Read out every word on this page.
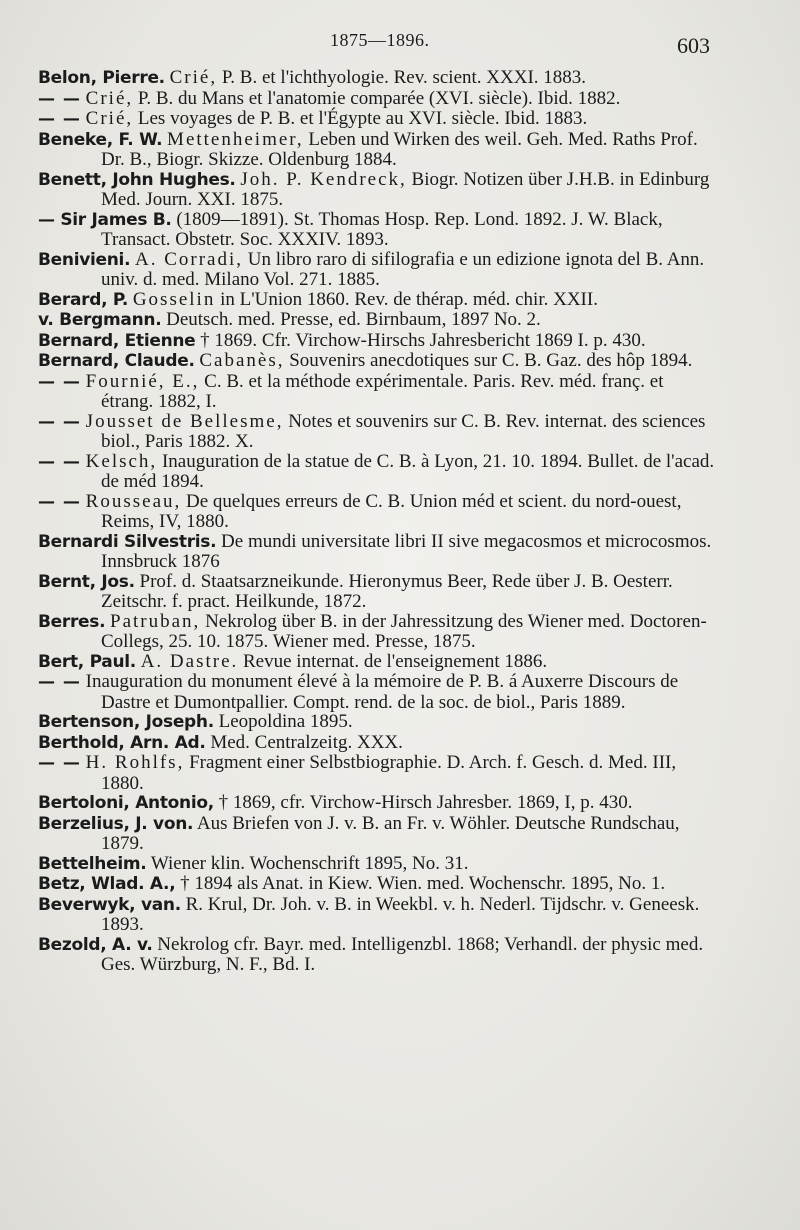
1875—1896.	603

Belon, Pierre. Crié, P. B. et l'ichthyologie. Rev. scient. XXXI. 1883.

— — Crié, P. B. du Mans et l'anatomie comparée (XVI. siècle). Ibid. 1882.

— — Crié, Les voyages de P. B. et l'Égypte au XVI. siècle. Ibid. 1883.

Beneke, F. W. Mettenheimer, Leben und Wirken des weil. Geh. Med. Raths Prof. Dr. B., Biogr. Skizze. Oldenburg 1884.

Benett, John Hughes. Joh. P. Kendreck, Biogr. Notizen über J.H.B. in Edinburg Med. Journ. XXI. 1875.

— Sir James B. (1809—1891). St. Thomas Hosp. Rep. Lond. 1892. J. W. Black, Transact. Obstetr. Soc. XXXIV. 1893.

Benivieni. A. Corradi, Un libro raro di sifilografia e un edizione ignota del B. Ann. univ. d. med. Milano Vol. 271. 1885.

Berard, P. Gosselin in L'Union 1860. Rev. de thérap. méd. chir. XXII.

v. Bergmann. Deutsch. med. Presse, ed. Birnbaum, 1897 No. 2.

Bernard, Etienne † 1869. Cfr. Virchow-Hirschs Jahresbericht 1869 I. p. 430.

Bernard, Claude. Cabanès, Souvenirs anecdotiques sur C. B. Gaz. des hôp 1894.

— — Fournié, E., C. B. et la méthode expérimentale. Paris. Rev. méd. franç. et étrang. 1882, I.

— — Jousset de Bellesme, Notes et souvenirs sur C. B. Rev. internat. des sciences biol., Paris 1882. X.

— — Kelsch, Inauguration de la statue de C. B. à Lyon, 21. 10. 1894. Bullet. de l'acad. de méd 1894.

— — Rousseau, De quelques erreurs de C. B. Union méd et scient. du nord-ouest, Reims, IV, 1880.

Bernardi Silvestris. De mundi universitate libri II sive megacosmos et microcosmos. Innsbruck 1876

Bernt, Jos. Prof. d. Staatsarzneikunde. Hieronymus Beer, Rede über J. B. Oesterr. Zeitschr. f. pract. Heilkunde, 1872.

Berres. Patruban, Nekrolog über B. in der Jahressitzung des Wiener med. Doctoren-Collegs, 25. 10. 1875. Wiener med. Presse, 1875.

Bert, Paul. A. Dastre. Revue internat. de l'enseignement 1886.

— — Inauguration du monument élevé à la mémoire de P. B. á Auxerre Discours de Dastre et Dumontpallier. Compt. rend. de la soc. de biol., Paris 1889.

Bertenson, Joseph. Leopoldina 1895.

Berthold, Arn. Ad. Med. Centralzeitg. XXX.

— — H. Rohlfs, Fragment einer Selbstbiographie. D. Arch. f. Gesch. d. Med. III, 1880.

Bertoloni, Antonio, † 1869, cfr. Virchow-Hirsch Jahresber. 1869, I, p. 430.

Berzelius, J. von. Aus Briefen von J. v. B. an Fr. v. Wöhler. Deutsche Rundschau, 1879.

Bettelheim. Wiener klin. Wochenschrift 1895, No. 31.

Betz, Wlad. A., † 1894 als Anat. in Kiew. Wien. med. Wochenschr. 1895, No. 1.

Beverwyk, van. R. Krul, Dr. Joh. v. B. in Weekbl. v. h. Nederl. Tijdschr. v. Geneesk. 1893.

Bezold, A. v. Nekrolog cfr. Bayr. med. Intelligenzbl. 1868; Verhandl. der physic med. Ges. Würzburg, N. F., Bd. I.
